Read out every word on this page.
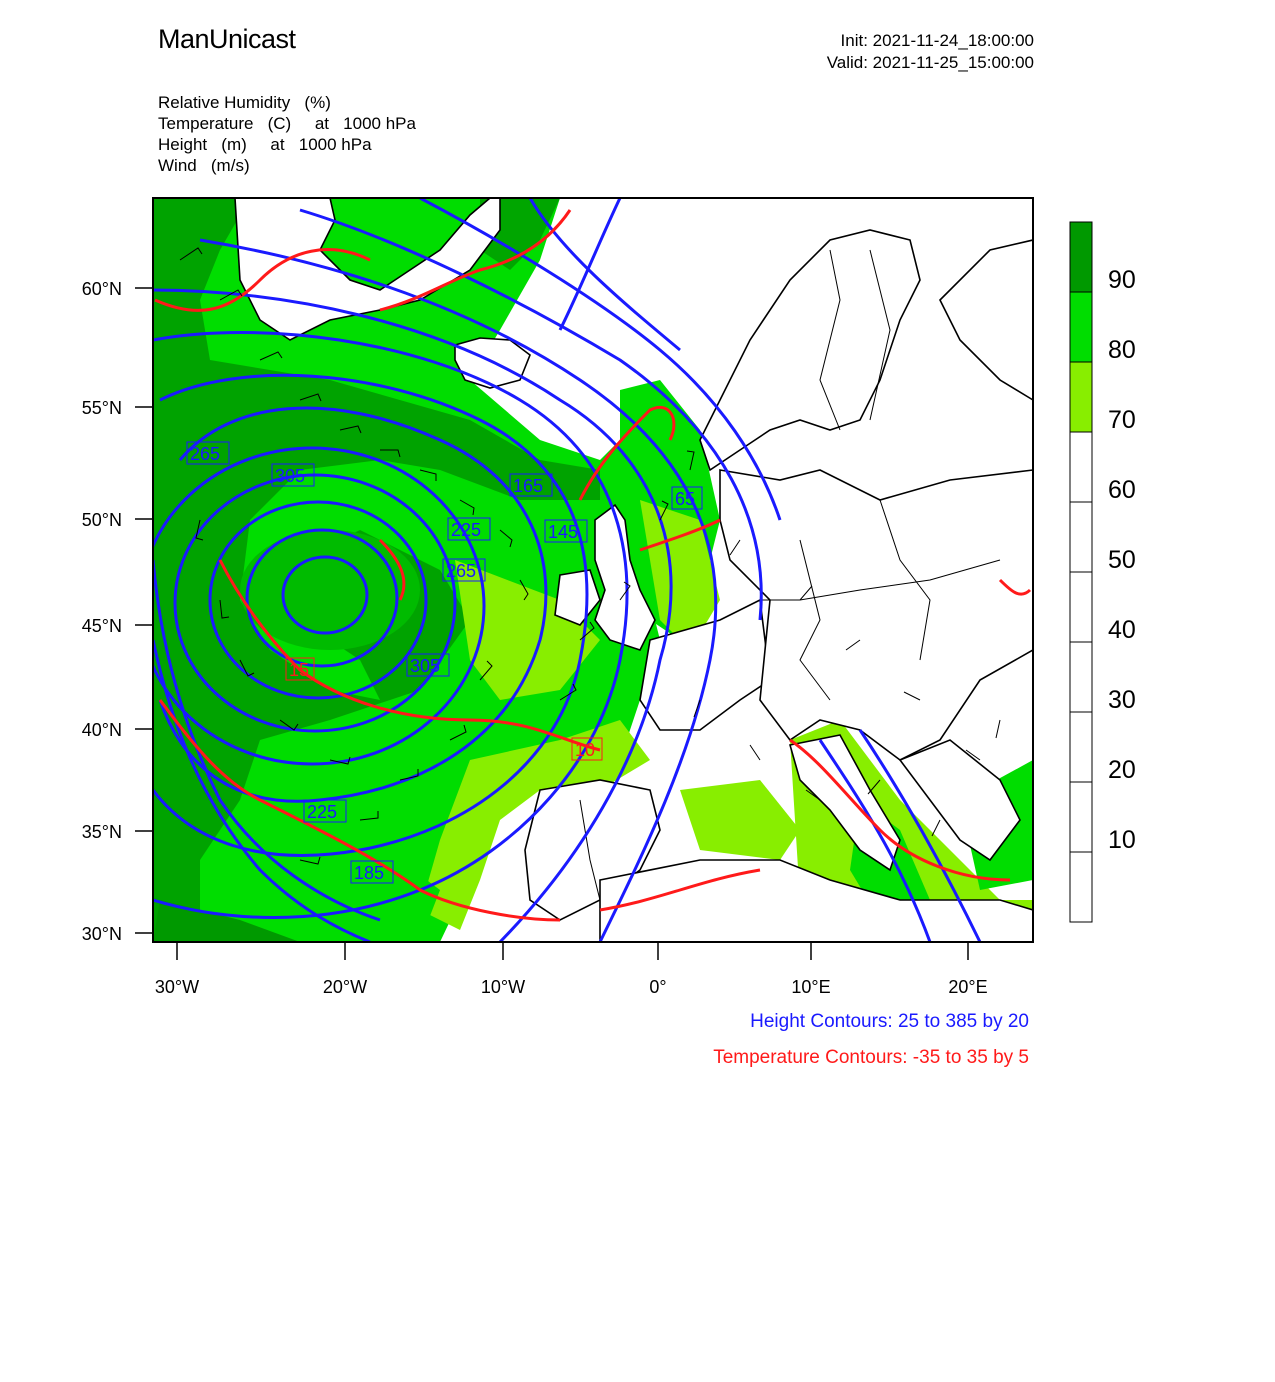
ManUnicast	Init: 2021-11-24_18:00:00
Valid: 2021-11-25_15:00:00
Relative Humidity   (%)
Temperature   (C)     at   1000 hPa
Height   (m)     at   1000 hPa
Wind   (m/s)
265
305
225
265
165
145
65
305
225
185
15
10
60°N
55°N
50°N
45°N
40°N
35°N
30°N
30°W	20°W	10°W	0°	10°E	20°E
90
80
70
60
50
40
30
20
10
Height Contours: 25 to 385 by 20
Temperature Contours: -35 to 35 by 5
